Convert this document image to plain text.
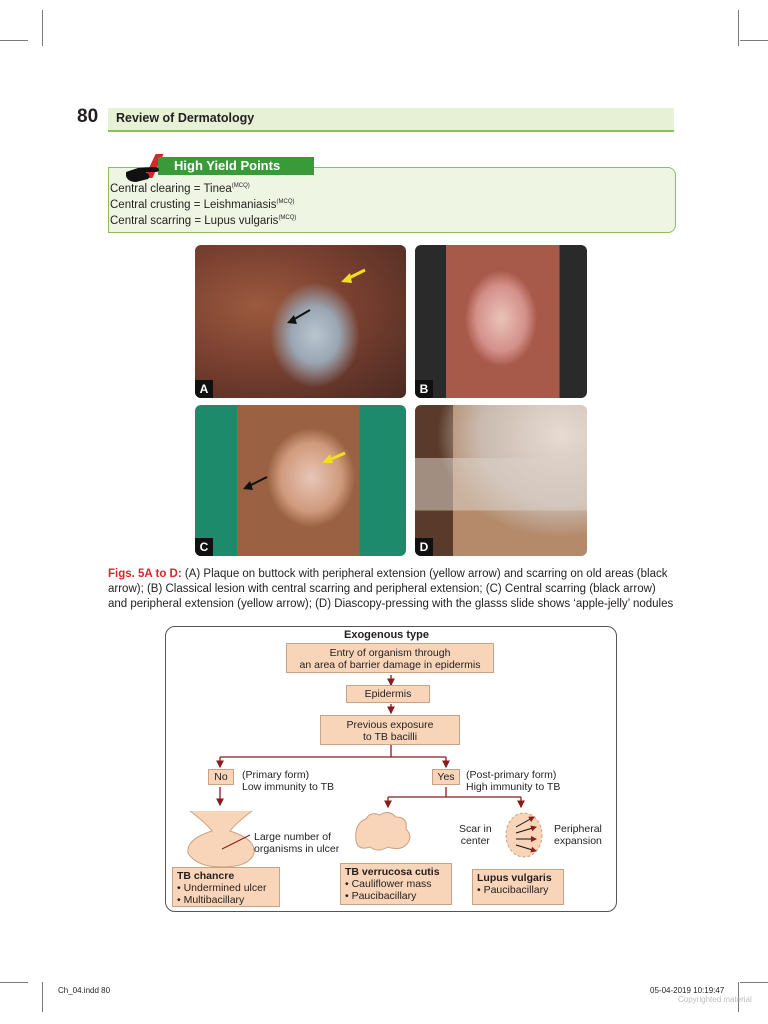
80 Review of Dermatology
High Yield Points
Central clearing = Tinea$^{(MCQ)}$
Central crusting = Leishmaniasis$^{(MCQ)}$
Central scarring = Lupus vulgaris$^{(MCQ)}$
A	B
C	D
Figs. 5A to D: (A) Plaque on buttock with peripheral extension (yellow arrow) and scarring on old areas (black arrow); (B) Classical lesion with central scarring and peripheral extension; (C) Central scarring (black arrow) and peripheral extension (yellow arrow); (D) Diascopy-pressing with the glasss slide shows ‘apple-jelly’ nodules
Exogenous type
Entry of organism through
an area of barrier damage in epidermis
Epidermis
Previous exposure
to TB bacilli
No	(Primary form)
Low immunity to TB
Yes	(Post-primary form)
High immunity to TB
Large number of
organisms in ulcer
Scar in
center
Peripheral
expansion
TB chancre
• Undermined ulcer
• Multibacillary
TB verrucosa cutis
• Cauliflower mass
• Paucibacillary
Lupus vulgaris
• Paucibacillary
Ch_04.indd 80	05-04-2019 10:19:47
Copyrighted material
